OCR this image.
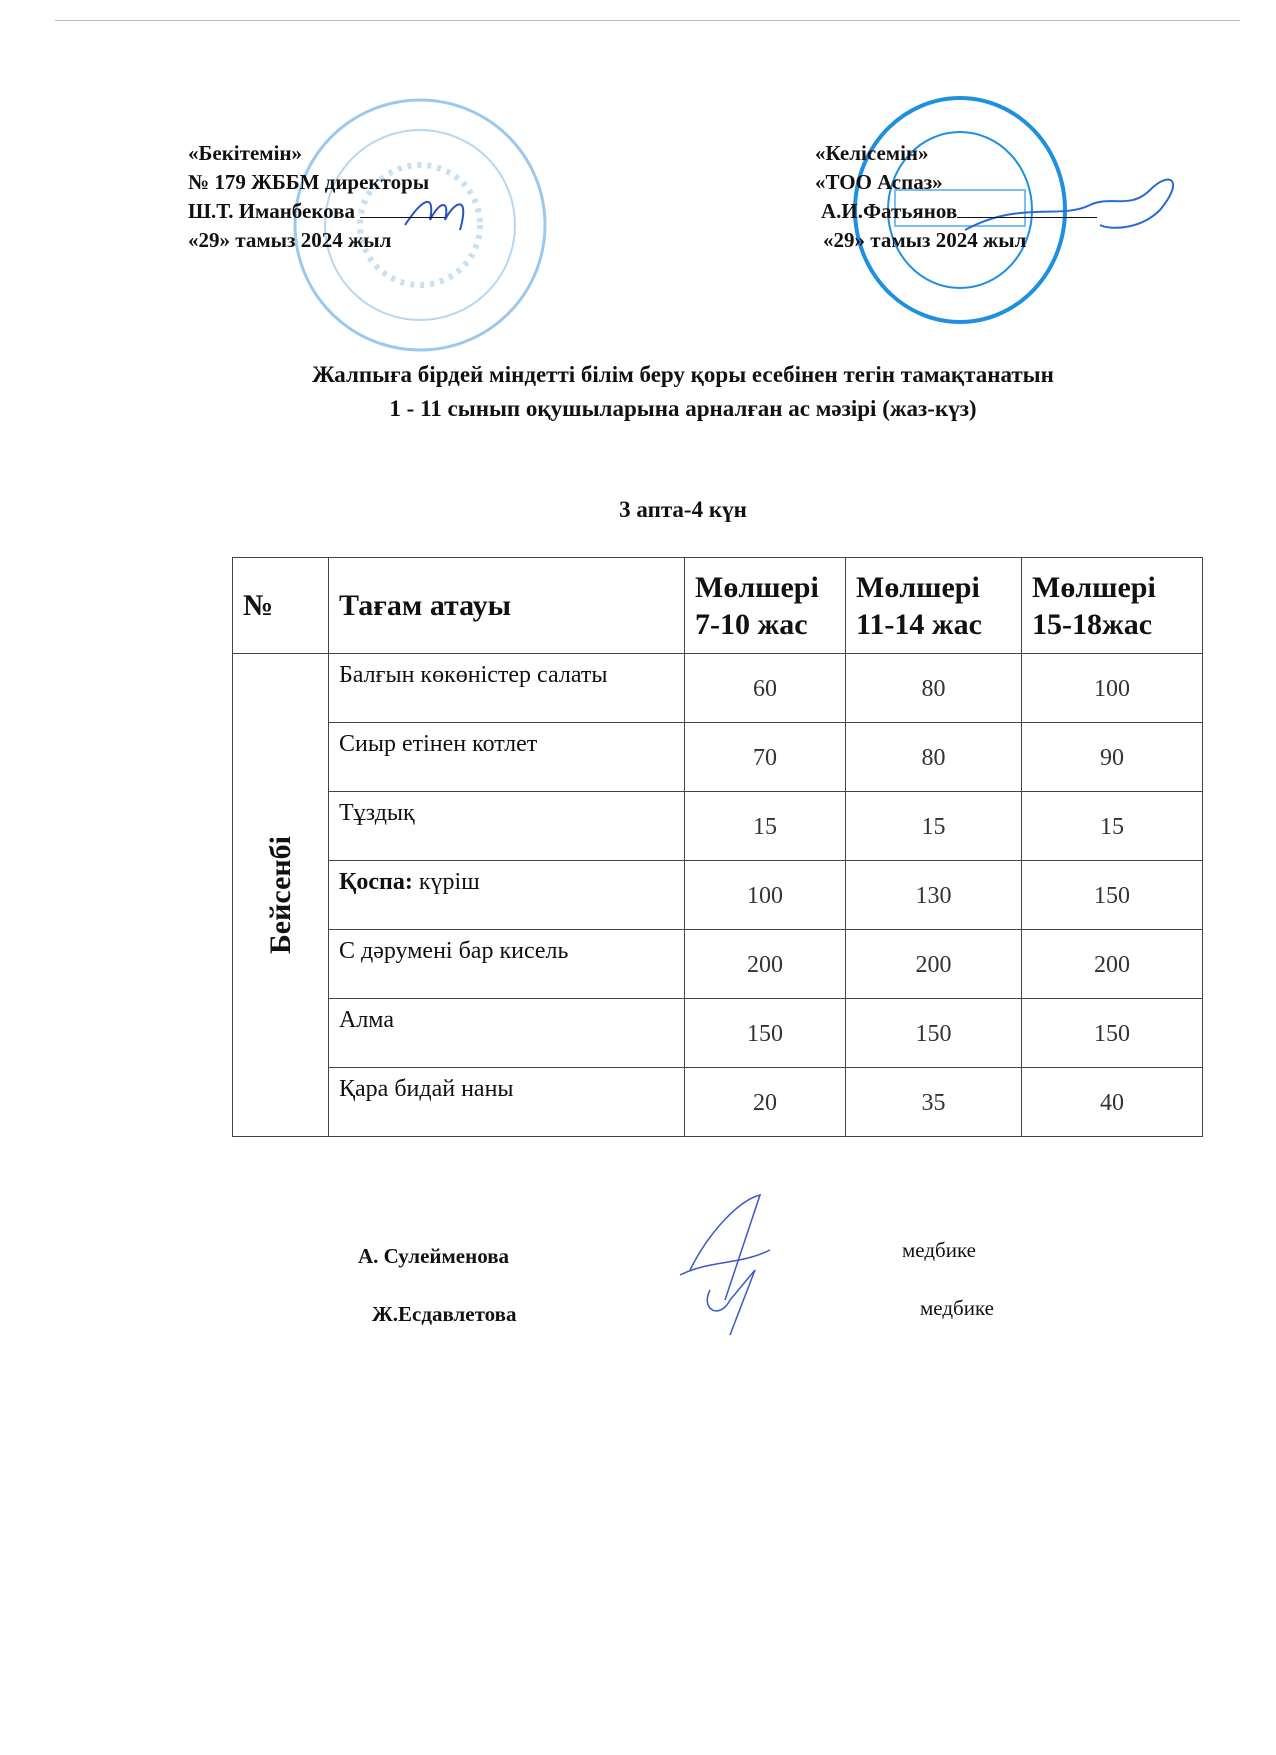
«Бекітемін»
№ 179 ЖББМ директоры
Ш.Т. Иманбекова
«29» тамыз 2024 жыл
«Келісемін»
«ТОО Аспаз»
А.И.Фатьянов
«29» тамыз 2024 жыл
Жалпыға бірдей міндетті білім беру қоры есебінен тегін тамақтанатын
1 - 11 сынып оқушыларына арналған ас мәзірі (жаз-күз)
3 апта-4 күн
№	Тағам атауы	Мөлшері 7-10 жас	Мөлшері 11-14 жас	Мөлшері 15-18жас

Бейсенбі	Балғын көкөністер салаты	60	80	100
	Сиыр етінен котлет	70	80	90
	Тұздық	15	15	15
	Қоспа: күріш	100	130	150
	С дәрумені бар кисель	200	200	200
	Алма	150	150	150
	Қара бидай наны	20	35	40
А. Сулейменова	медбике
Ж.Есдавлетова	медбике
